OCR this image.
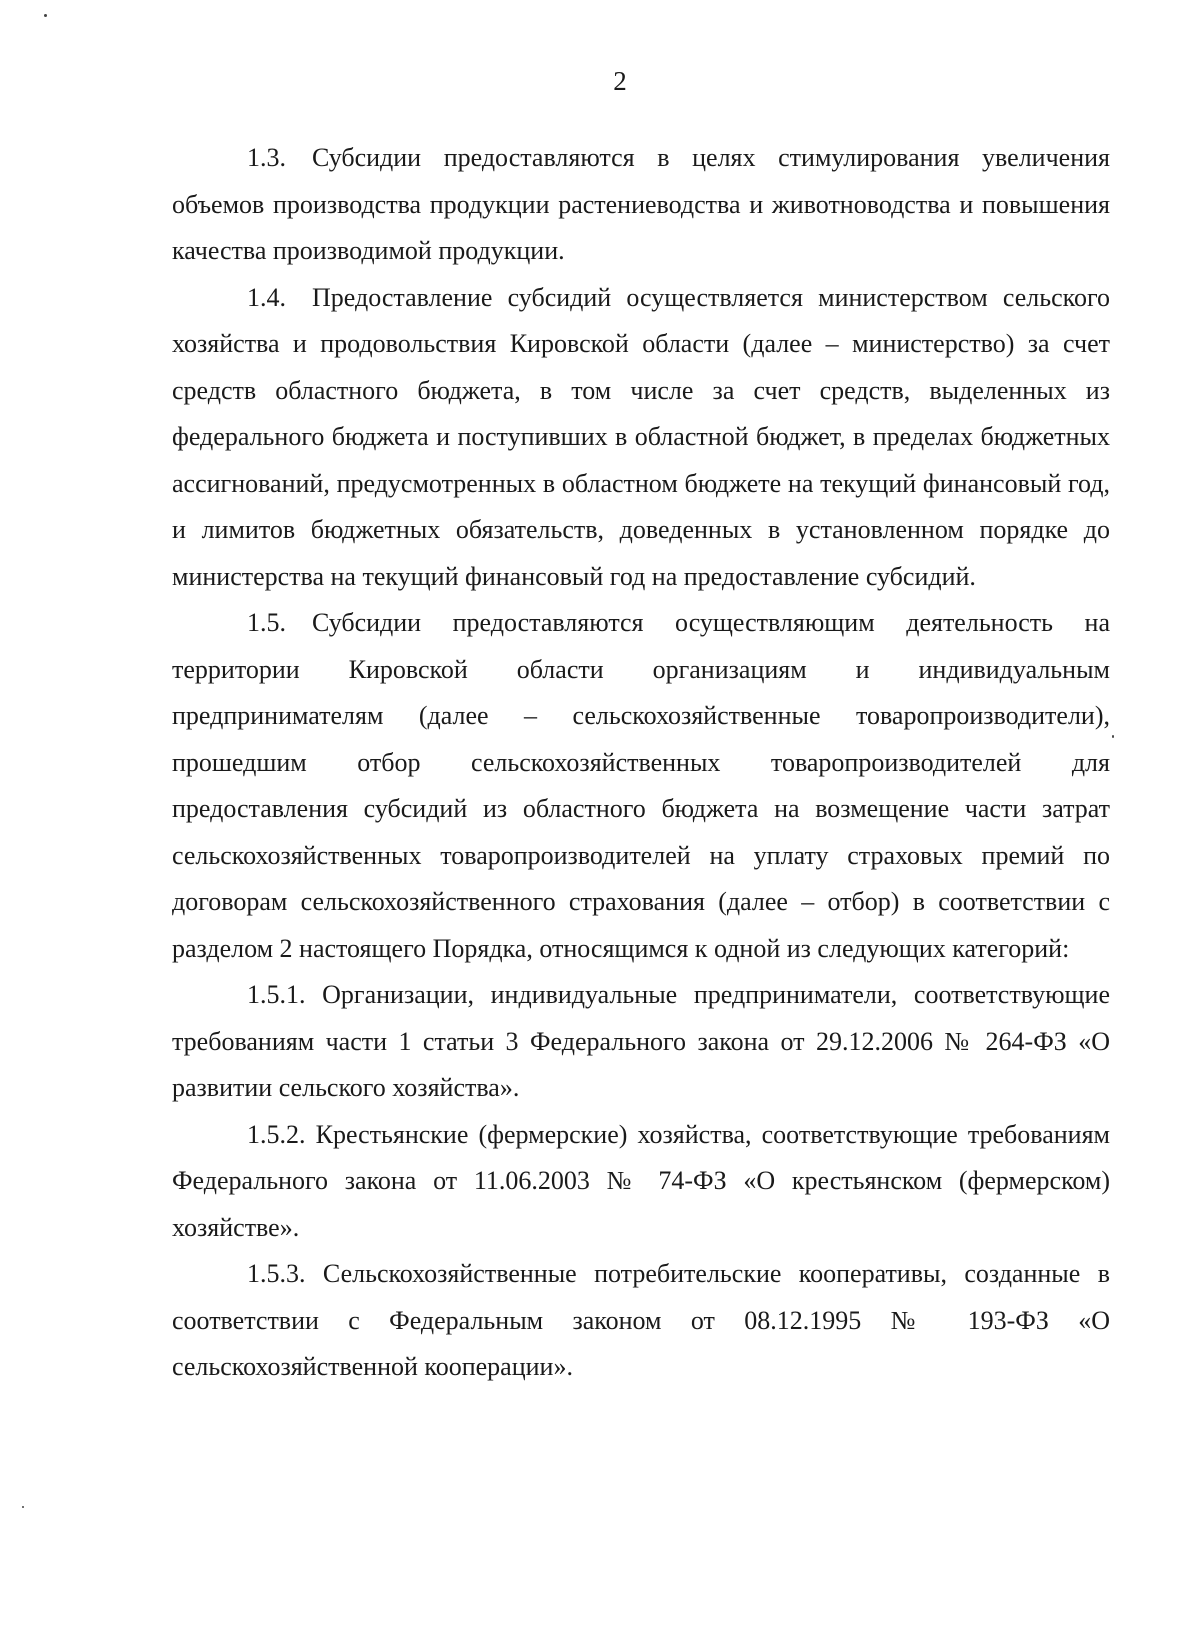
2

1.3. Субсидии предоставляются в целях стимулирования увеличения объемов производства продукции растениеводства и животноводства и повышения качества производимой продукции.

1.4. Предоставление субсидий осуществляется министерством сельского хозяйства и продовольствия Кировской области (далее – министерство) за счет средств областного бюджета, в том числе за счет средств, выделенных из федерального бюджета и поступивших в областной бюджет, в пределах бюджетных ассигнований, предусмотренных в областном бюджете на текущий финансовый год, и лимитов бюджетных обязательств, доведенных в установленном порядке до министерства на текущий финансовый год на предоставление субсидий.

1.5. Субсидии предоставляются осуществляющим деятельность на территории Кировской области организациям и индивидуальным предпринимателям (далее – сельскохозяйственные товаропроизводители), прошедшим отбор сельскохозяйственных товаропроизводителей для предоставления субсидий из областного бюджета на возмещение части затрат сельскохозяйственных товаропроизводителей на уплату страховых премий по договорам сельскохозяйственного страхования (далее – отбор) в соответствии с разделом 2 настоящего Порядка, относящимся к одной из следующих категорий:

1.5.1. Организации, индивидуальные предприниматели, соответствующие требованиям части 1 статьи 3 Федерального закона от 29.12.2006 № 264-ФЗ «О развитии сельского хозяйства».

1.5.2. Крестьянские (фермерские) хозяйства, соответствующие требованиям Федерального закона от 11.06.2003 № 74-ФЗ «О крестьянском (фермерском) хозяйстве».

1.5.3. Сельскохозяйственные потребительские кооперативы, созданные в соответствии с Федеральным законом от 08.12.1995 № 193-ФЗ «О сельскохозяйственной кооперации».
